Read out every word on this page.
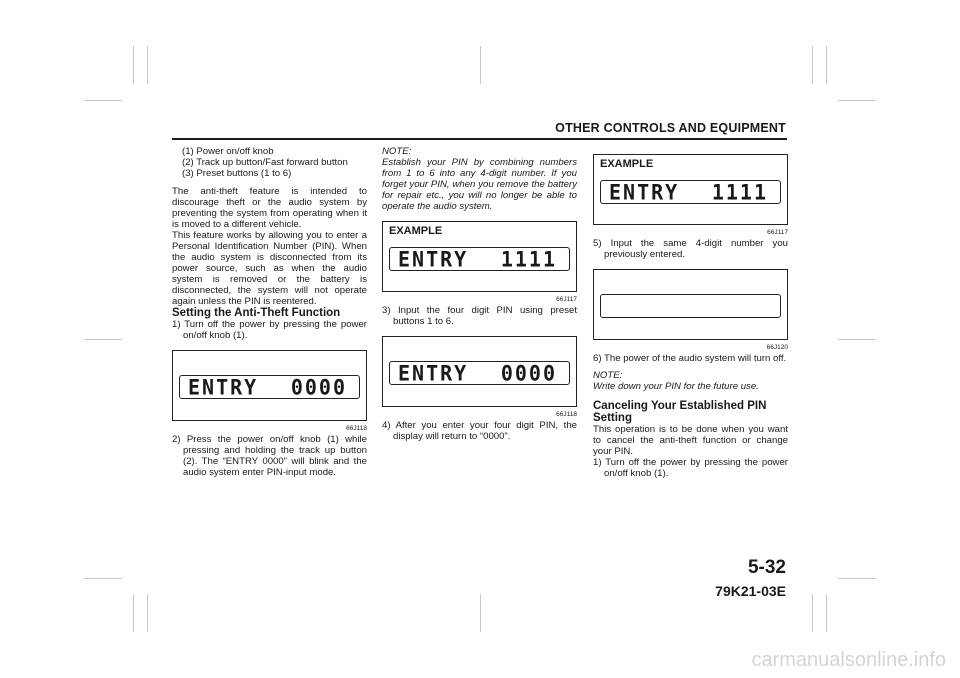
OTHER CONTROLS AND EQUIPMENT

(1) Power on/off knob

(2) Track up button/Fast forward button

(3) Preset buttons (1 to 6)

The anti-theft feature is intended to discourage theft or the audio system by preventing the system from operating when it is moved to a different vehicle.

This feature works by allowing you to enter a Personal Identification Number (PIN). When the audio system is disconnected from its power source, such as when the audio system is removed or the battery is disconnected, the system will not operate again unless the PIN is reentered.

Setting the Anti-Theft Function

1) Turn off the power by pressing the power on/off knob (1).

ENTRY 0000
66J118

2) Press the power on/off knob (1) while pressing and holding the track up button (2). The “ENTRY 0000” will blink and the audio system enter PIN-input mode.

NOTE:

Establish your PIN by combining numbers from 1 to 6 into any 4-digit number. If you forget your PIN, when you remove the battery for repair etc., you will no longer be able to operate the audio system.

EXAMPLE
ENTRY 1111
66J117

3) Input the four digit PIN using preset buttons 1 to 6.

ENTRY 0000
66J118

4) After you enter your four digit PIN, the display will return to “0000”.

EXAMPLE
ENTRY 1111
66J117

5) Input the same 4-digit number you previously entered.

66J120

6) The power of the audio system will turn off.

NOTE:

Write down your PIN for the future use.

Canceling Your Established PIN Setting

This operation is to be done when you want to cancel the anti-theft function or change your PIN.

1) Turn off the power by pressing the power on/off knob (1).

5-32
79K21-03E
carmanualsonline.info
